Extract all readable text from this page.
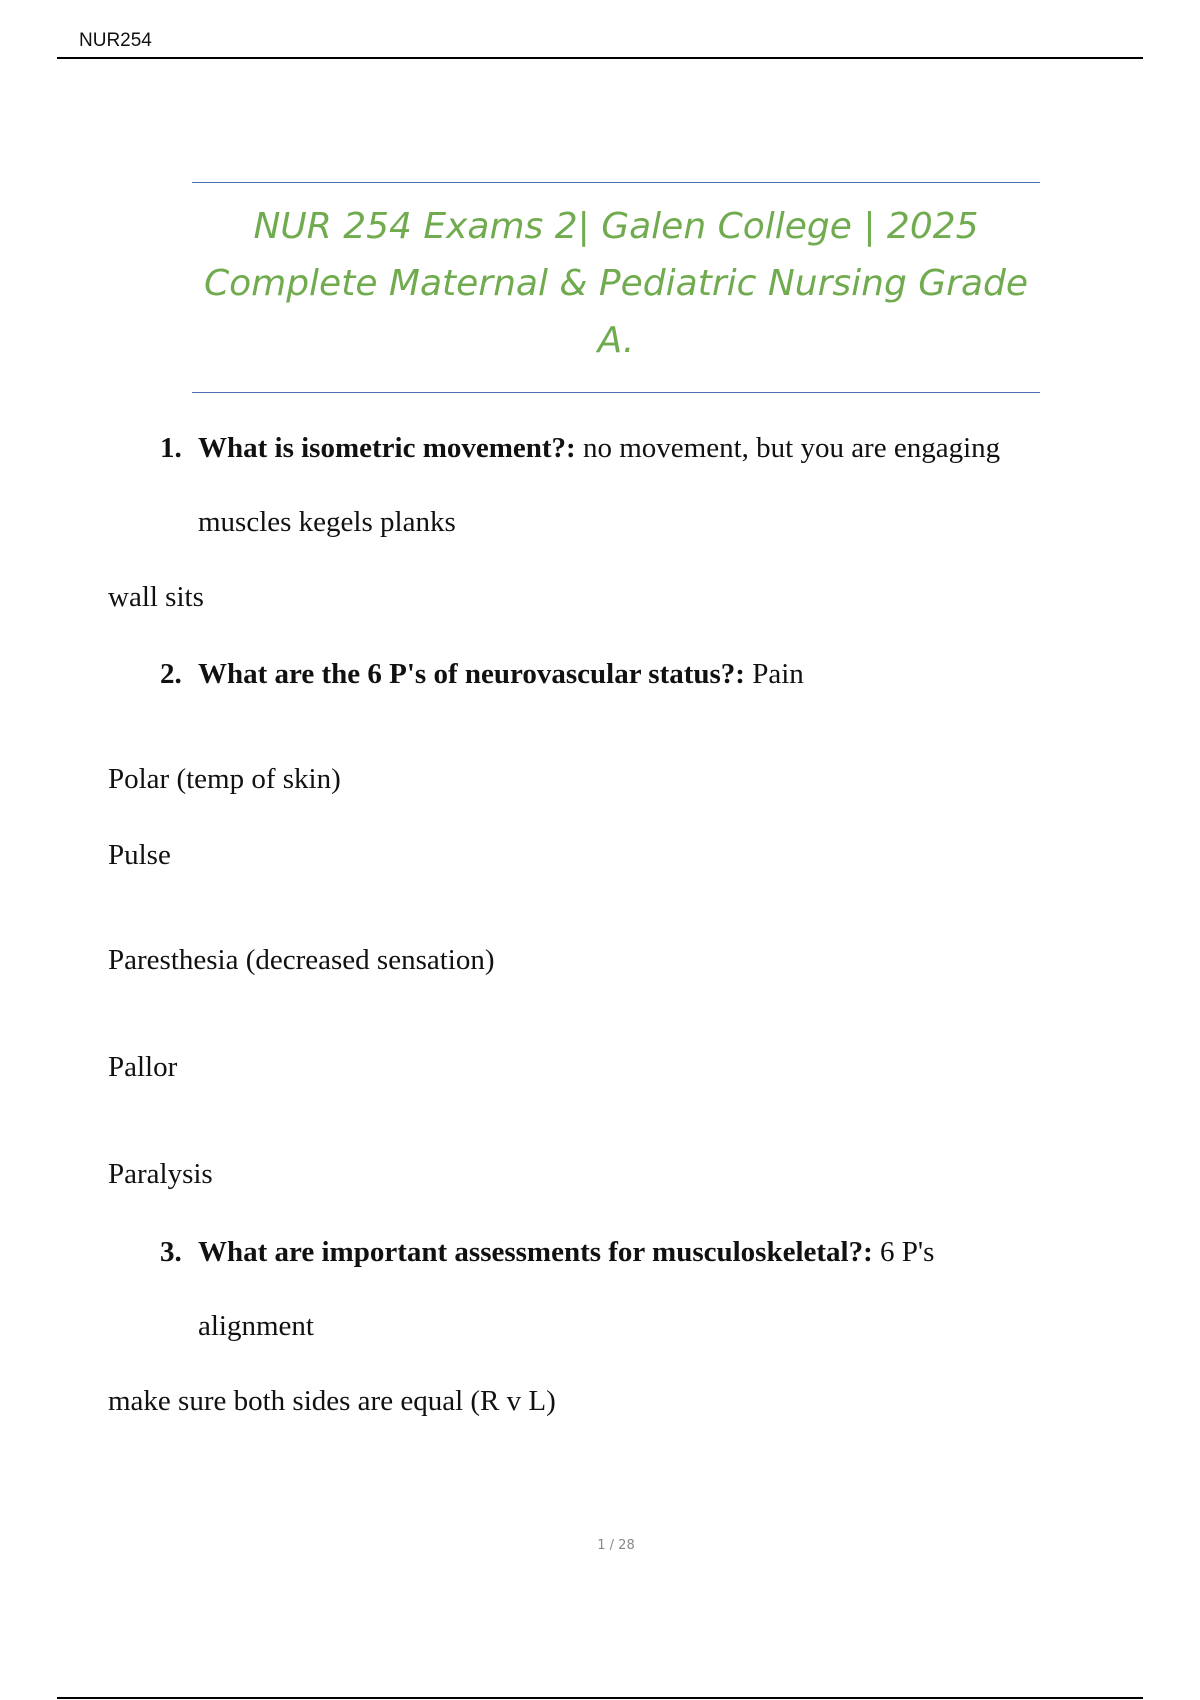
NUR254
NUR 254 Exams 2| Galen College | 2025
Complete Maternal & Pediatric Nursing Grade
A.
1. What is isometric movement?: no movement, but you are engaging
muscles kegels planks
wall sits
2. What are the 6 P's of neurovascular status?: Pain
Polar (temp of skin)
Pulse
Paresthesia (decreased sensation)
Pallor
Paralysis
3. What are important assessments for musculoskeletal?: 6 P's
alignment
make sure both sides are equal (R v L)
1 / 28
